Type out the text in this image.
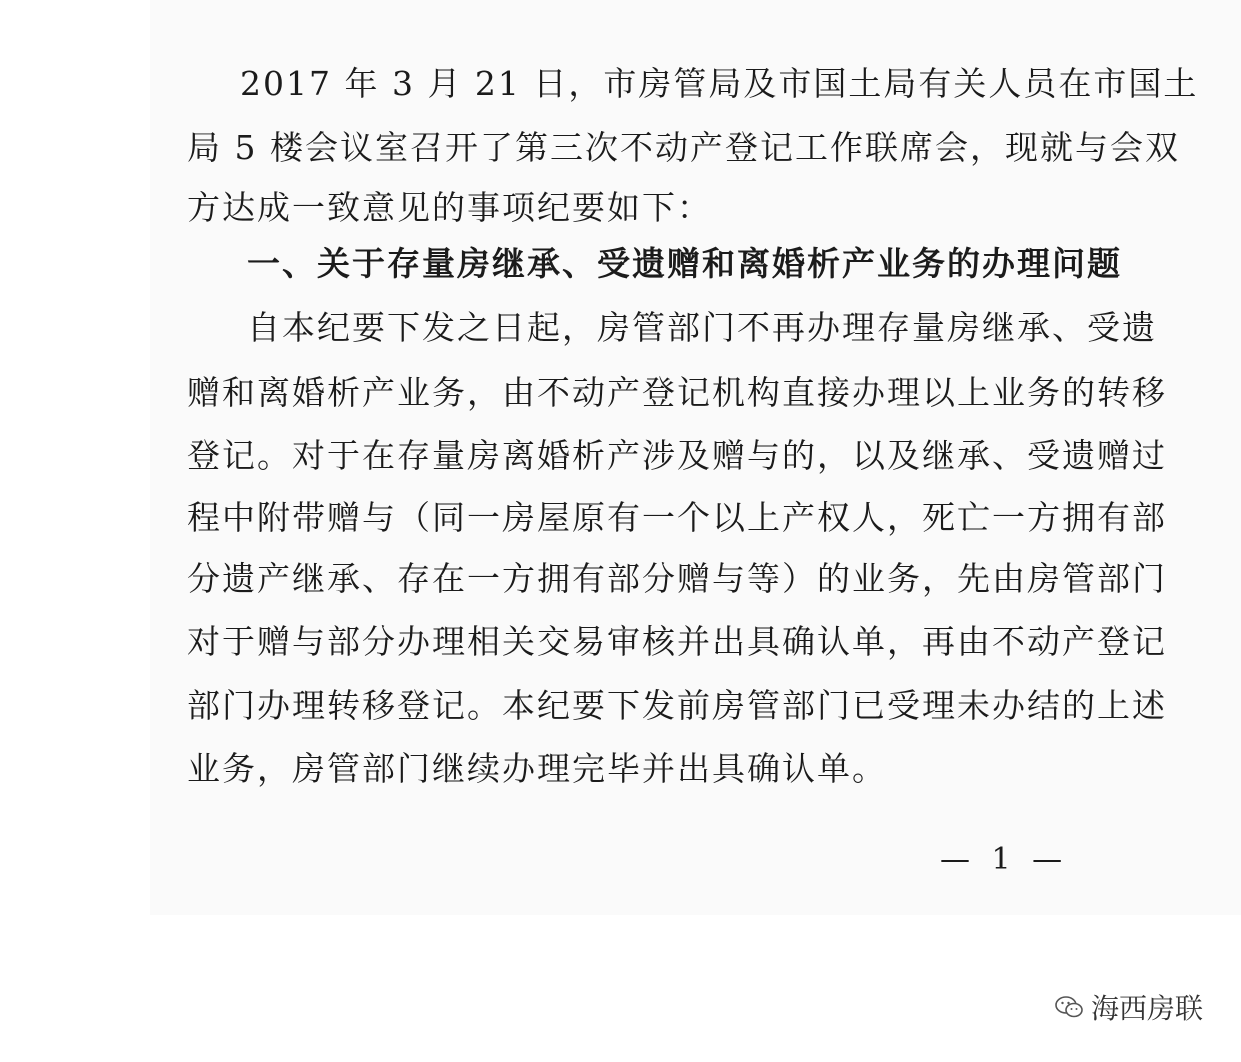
2017 年 3 月 21 日，市房管局及市国土局有关人员在市国土
局 5 楼会议室召开了第三次不动产登记工作联席会，现就与会双
方达成一致意见的事项纪要如下：
一、关于存量房继承、受遗赠和离婚析产业务的办理问题
自本纪要下发之日起，房管部门不再办理存量房继承、受遗
赠和离婚析产业务，由不动产登记机构直接办理以上业务的转移
登记。对于在存量房离婚析产涉及赠与的，以及继承、受遗赠过
程中附带赠与（同一房屋原有一个以上产权人，死亡一方拥有部
分遗产继承、存在一方拥有部分赠与等）的业务，先由房管部门
对于赠与部分办理相关交易审核并出具确认单，再由不动产登记
部门办理转移登记。本纪要下发前房管部门已受理未办结的上述
业务，房管部门继续办理完毕并出具确认单。
— 1 —
海西房联
